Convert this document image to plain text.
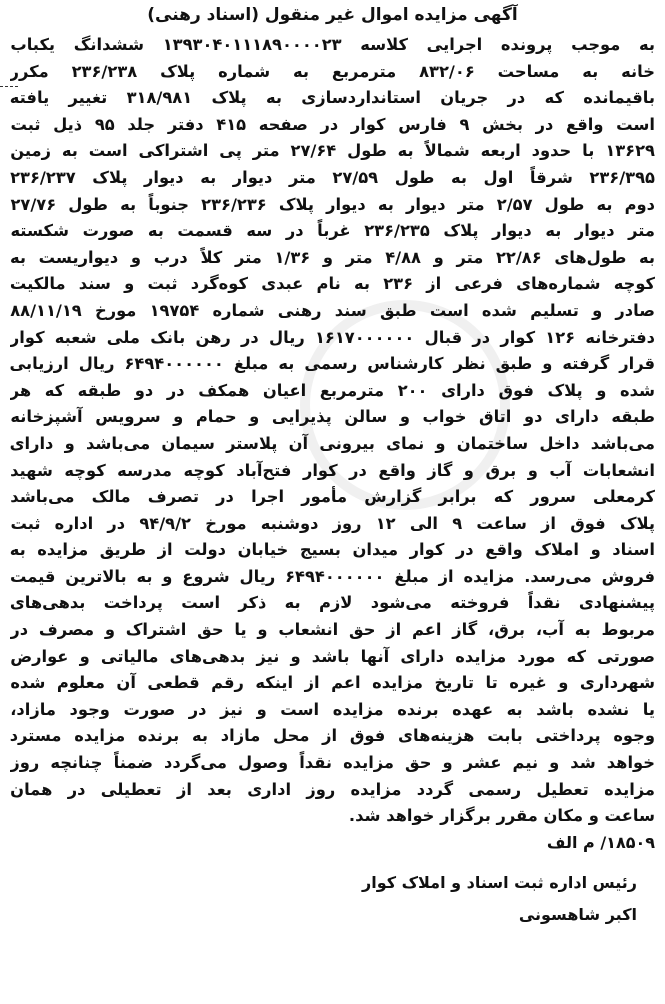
آگهی مزایده اموال غیر منقول (اسناد رهنی)
به موجب پرونده اجرایی کلاسه ۱۳۹۳۰۴۰۱۱۱۸۹۰۰۰۰۲۳ ششدانگ یکباب
خانه به مساحت ۸۳۲/۰۶ مترمربع به شماره پلاک ۲۳۶/۲۳۸ مکرر
باقیمانده که در جریان استانداردسازی به پلاک ۳۱۸/۹۸۱ تغییر یافته
است واقع در بخش ۹ فارس کوار در صفحه ۴۱۵ دفتر جلد ۹۵ ذیل ثبت
۱۳۶۲۹ با حدود اربعه شمالاً به طول ۲۷/۶۴ متر پی اشتراکی است به زمین
۲۳۶/۳۹۵ شرقاً اول به طول ۲۷/۵۹ متر دیوار به دیوار پلاک ۲۳۶/۲۳۷
دوم به طول ۲/۵۷ متر دیوار به دیوار پلاک ۲۳۶/۲۳۶ جنوباً به طول ۲۷/۷۶
متر دیوار به دیوار پلاک ۲۳۶/۲۳۵ غرباً در سه قسمت به صورت شکسته
به طول‌های ۲۲/۸۶ متر و ۴/۸۸ متر و ۱/۳۶ متر کلاً درب و دیواریست به
کوچه شماره‌های فرعی از ۲۳۶ به نام عبدی کوه‌گرد ثبت و سند مالکیت
صادر و تسلیم شده است طبق سند رهنی شماره ۱۹۷۵۴ مورخ ۸۸/۱۱/۱۹
دفترخانه ۱۲۶ کوار در قبال ۱۶۱۷۰۰۰۰۰۰ ریال در رهن بانک ملی شعبه کوار
قرار گرفته و طبق نظر کارشناس رسمی به مبلغ ۶۴۹۴۰۰۰۰۰۰ ریال ارزیابی
شده و پلاک فوق دارای ۲۰۰ مترمربع اعیان همکف در دو طبقه که هر
طبقه دارای دو اتاق خواب و سالن پذیرایی و حمام و سرویس آشپزخانه
می‌باشد داخل ساختمان و نمای بیرونی آن پلاستر سیمان می‌باشد و دارای
انشعابات آب و برق و گاز واقع در کوار فتح‌آباد کوچه مدرسه کوچه شهید
کرمعلی سرور که برابر گزارش مأمور اجرا در تصرف مالک می‌باشد
پلاک فوق از ساعت ۹ الی ۱۲ روز دوشنبه مورخ ۹۴/۹/۲ در اداره ثبت
اسناد و املاک واقع در کوار میدان بسیج خیابان دولت از طریق مزایده به
فروش می‌رسد. مزایده از مبلغ ۶۴۹۴۰۰۰۰۰۰ ریال شروع و به بالاترین قیمت
پیشنهادی نقداً فروخته می‌شود لازم به ذکر است پرداخت بدهی‌های
مربوط به آب، برق، گاز اعم از حق انشعاب و یا حق اشتراک و مصرف در
صورتی که مورد مزایده دارای آنها باشد و نیز بدهی‌های مالیاتی و عوارض
شهرداری و غیره تا تاریخ مزایده اعم از اینکه رقم قطعی آن معلوم شده
یا نشده باشد به عهده برنده مزایده است و نیز در صورت وجود مازاد،
وجوه پرداختی بابت هزینه‌های فوق از محل مازاد به برنده مزایده مسترد
خواهد شد و نیم عشر و حق مزایده نقداً وصول می‌گردد ضمناً چنانچه روز
مزایده تعطیل رسمی گردد مزایده روز اداری بعد از تعطیلی در همان
ساعت و مکان مقرر برگزار خواهد شد.
۱۸۵۰۹/ م الف
رئیس اداره ثبت اسناد و املاک کوار
اکبر شاهسونی
